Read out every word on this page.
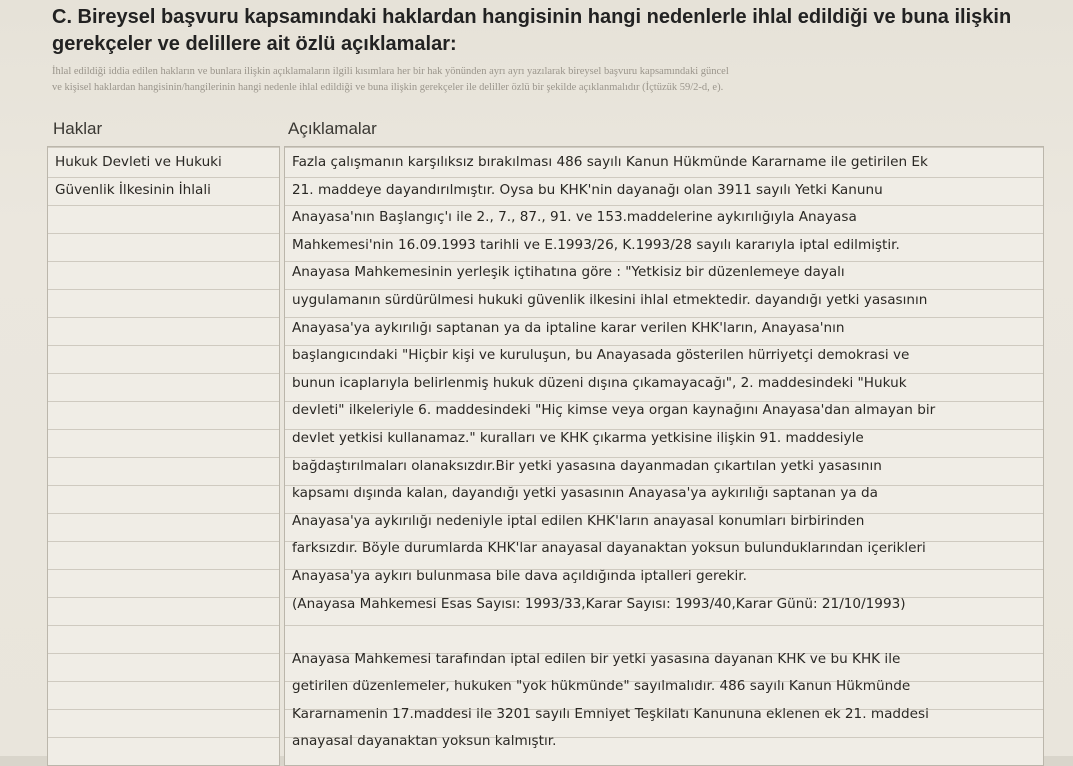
C. Bireysel başvuru kapsamındaki haklardan hangisinin hangi nedenlerle ihlal edildiği ve buna ilişkin
gerekçeler ve delillere ait özlü açıklamalar:
İhlal edildiği iddia edilen hakların ve bunlara ilişkin açıklamaların ilgili kısımlara her bir hak yönünden ayrı ayrı yazılarak bireysel başvuru kapsamındaki güncel
ve kişisel haklardan hangisinin/hangilerinin hangi nedenle ihlal edildiği ve buna ilişkin gerekçeler ile deliller özlü bir şekilde açıklanmalıdır (İçtüzük 59/2-d, e).
Haklar	Açıklamalar
Hukuk Devleti ve Hukuki
Güvenlik İlkesinin İhlali
Fazla çalışmanın karşılıksız bırakılması 486 sayılı Kanun Hükmünde Kararname ile getirilen Ek
21. maddeye dayandırılmıştır. Oysa bu KHK'nin dayanağı olan 3911 sayılı Yetki Kanunu
Anayasa'nın Başlangıç'ı ile 2., 7., 87., 91. ve 153.maddelerine aykırılığıyla Anayasa
Mahkemesi'nin 16.09.1993 tarihli ve E.1993/26, K.1993/28 sayılı kararıyla iptal edilmiştir.
Anayasa Mahkemesinin yerleşik içtihatına göre : "Yetkisiz bir düzenlemeye dayalı
uygulamanın sürdürülmesi hukuki güvenlik ilkesini ihlal etmektedir. dayandığı yetki yasasının
Anayasa'ya aykırılığı saptanan ya da iptaline karar verilen KHK'ların, Anayasa'nın
başlangıcındaki "Hiçbir kişi ve kuruluşun, bu Anayasada gösterilen hürriyetçi demokrasi ve
bunun icaplarıyla belirlenmiş hukuk düzeni dışına çıkamayacağı", 2. maddesindeki "Hukuk
devleti" ilkeleriyle 6. maddesindeki "Hiç kimse veya organ kaynağını Anayasa'dan almayan bir
devlet yetkisi kullanamaz." kuralları ve KHK çıkarma yetkisine ilişkin 91. maddesiyle
bağdaştırılmaları olanaksızdır.Bir yetki yasasına dayanmadan çıkartılan yetki yasasının
kapsamı dışında kalan, dayandığı yetki yasasının Anayasa'ya aykırılığı saptanan ya da
Anayasa'ya aykırılığı nedeniyle iptal edilen KHK'ların anayasal konumları birbirinden
farksızdır. Böyle durumlarda KHK'lar anayasal dayanaktan yoksun bulunduklarından içerikleri
Anayasa'ya aykırı bulunmasa bile dava açıldığında iptalleri gerekir.
(Anayasa Mahkemesi Esas Sayısı: 1993/33,Karar Sayısı: 1993/40,Karar Günü: 21/10/1993)
Anayasa Mahkemesi tarafından iptal edilen bir yetki yasasına dayanan KHK ve bu KHK ile
getirilen düzenlemeler, hukuken "yok hükmünde" sayılmalıdır. 486 sayılı Kanun Hükmünde
Kararnamenin 17.maddesi ile 3201 sayılı Emniyet Teşkilatı Kanununa eklenen ek 21. maddesi
anayasal dayanaktan yoksun kalmıştır.
